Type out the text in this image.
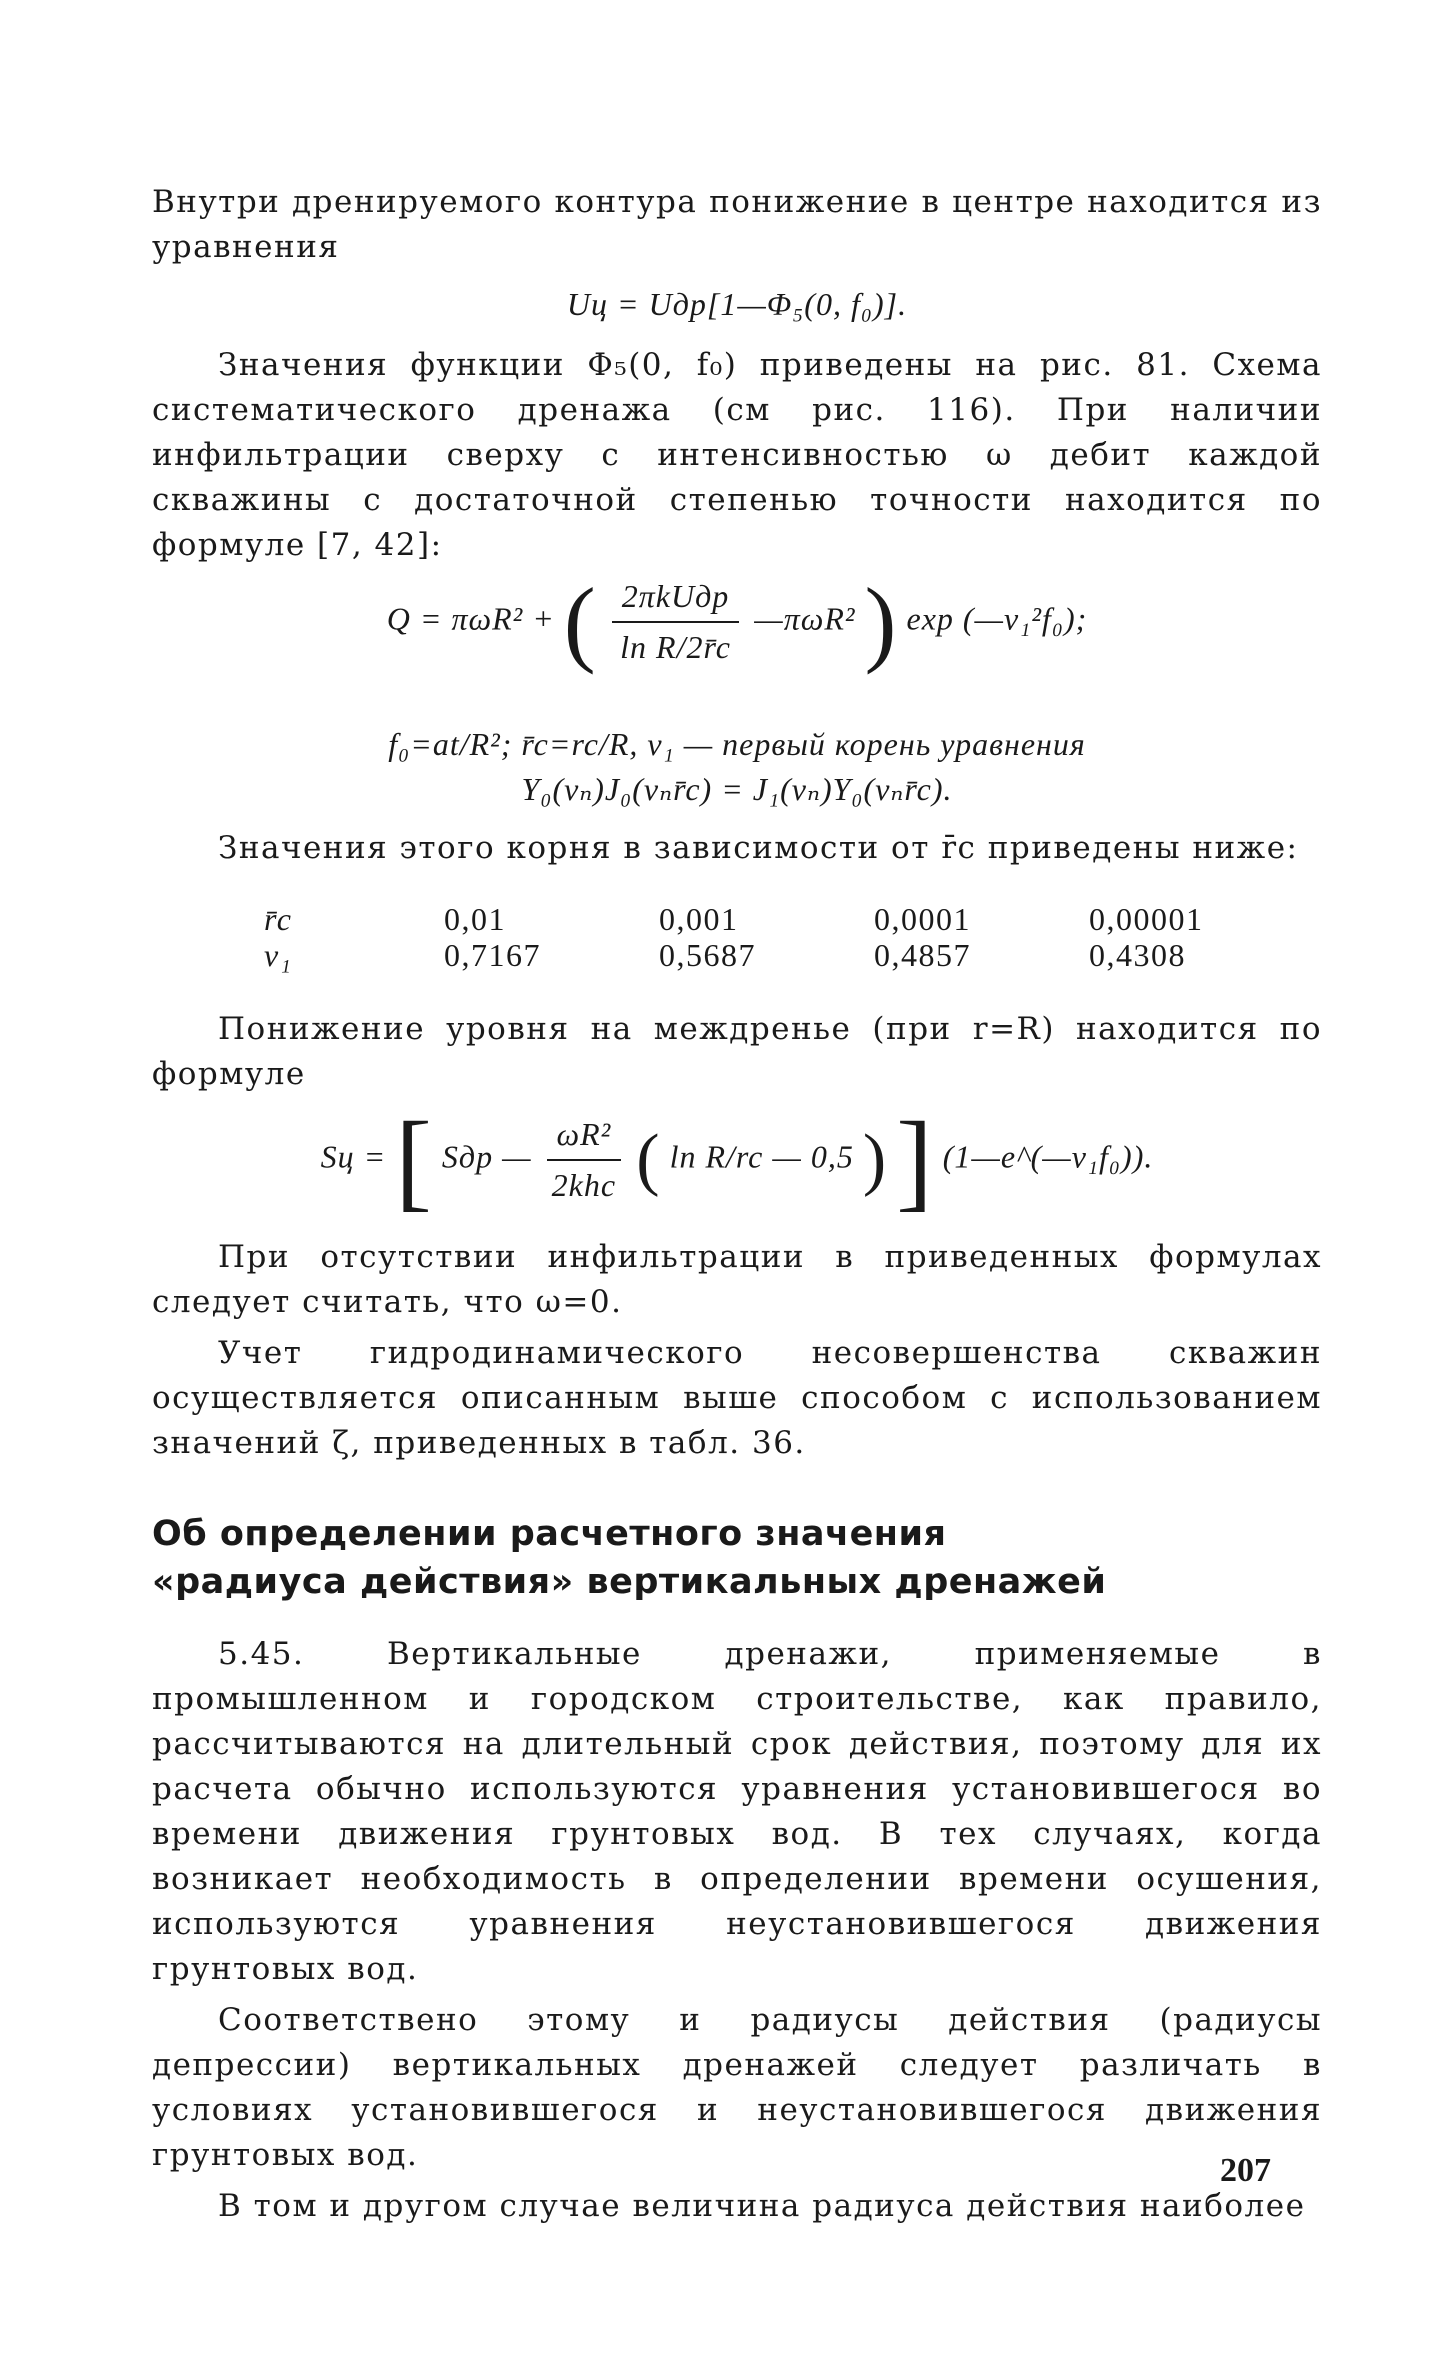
Внутри дренируемого контура понижение в центре находится из уравнения

Uц = Uдр[1—Φ₅(0, f₀)].

Значения функции Φ₅(0, f₀) приведены на рис. 81. Схема систематического дренажа (см рис. 116). При наличии инфильтрации сверху с интенсивностью ω дебит каждой скважины с достаточной степенью точности находится по формуле [7, 42]:

Q = πωR² + ( $\frac{\text{2πkUдр}}{\text{ln R/2r̄c}}$ —πωR² ) exp (—ν₁²f₀);
f₀=at/R²; r̄c=rc/R, ν₁ — первый корень уравнения
Y₀(νₙ)J₀(νₙr̄c) = J₁(νₙ)Y₀(νₙr̄c).

Значения этого корня в зависимости от r̄c приведены ниже:

r̄c	0,01	0,001	0,0001	0,00001
ν₁	0,7167	0,5687	0,4857	0,4308

Понижение уровня на междренье (при r=R) находится по формуле

Sц = [ Sдр — $\frac{\text{ωR²}}{\text{2khc}}$ ( ln R/rc — 0,5 ) ] (1—e^(—ν₁f₀)).

При отсутствии инфильтрации в приведенных формулах следует считать, что ω=0.

Учет гидродинамического несовершенства скважин осуществляется описанным выше способом с использованием значений ζ, приведенных в табл. 36.

Об определении расчетного значения
«радиуса действия» вертикальных дренажей

5.45. Вертикальные дренажи, применяемые в промышленном и городском строительстве, как правило, рассчитываются на длительный срок действия, поэтому для их расчета обычно используются уравнения установившегося во времени движения грунтовых вод. В тех случаях, когда возникает необходимость в определении времени осушения, используются уравнения неустановившегося движения грунтовых вод.

Соответствено этому и радиусы действия (радиусы депрессии) вертикальных дренажей следует различать в условиях установившегося и неустановившегося движения грунтовых вод.

В том и другом случае величина радиуса действия наиболее

207
